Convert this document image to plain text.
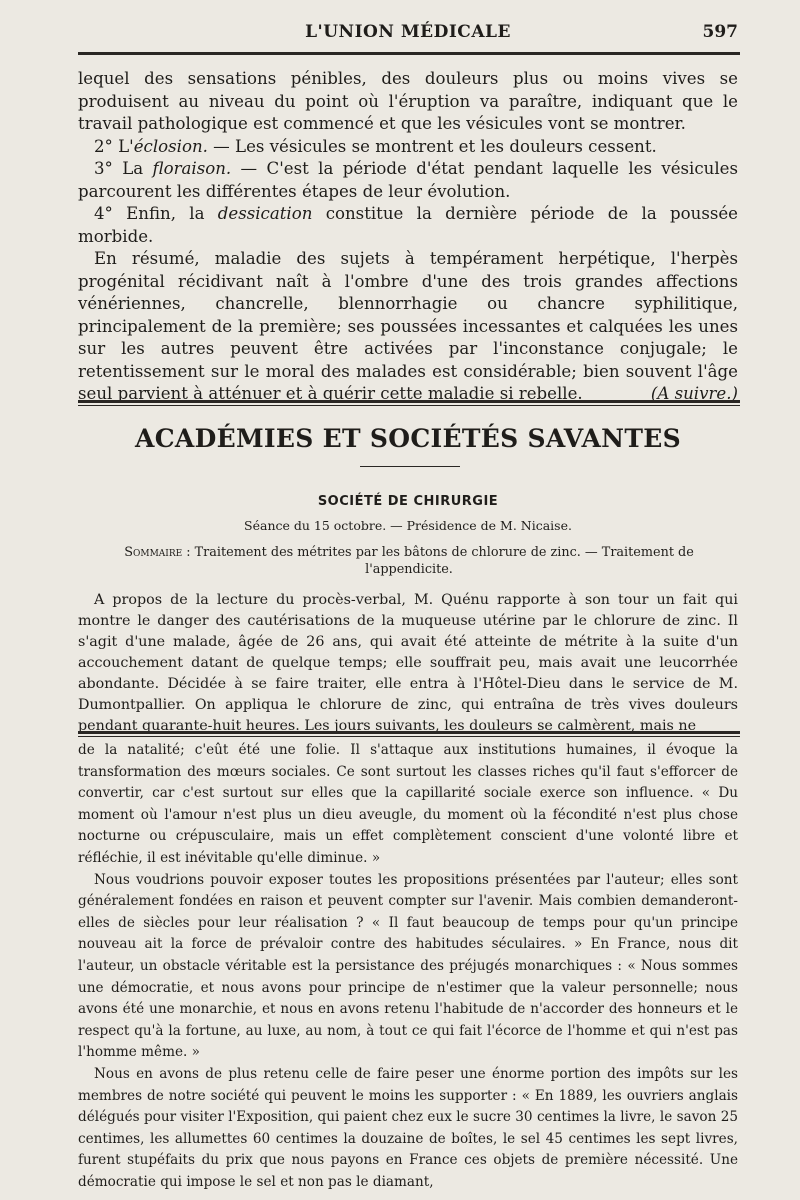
L'UNION MÉDICALE	597

lequel des sensations pénibles, des douleurs plus ou moins vives se produisent au niveau du point où l'éruption va paraître, indiquant que le travail pathologique est commencé et que les vésicules vont se montrer.

2° L'éclosion. — Les vésicules se montrent et les douleurs cessent.

3° La floraison. — C'est la période d'état pendant laquelle les vésicules parcourent les différentes étapes de leur évolution.

4° Enfin, la dessication constitue la dernière période de la poussée morbide.

En résumé, maladie des sujets à tempérament herpétique, l'herpès progénital récidivant naît à l'ombre d'une des trois grandes affections vénériennes, chancrelle, blennorrhagie ou chancre syphilitique, principalement de la première; ses poussées incessantes et calquées les unes sur les autres peuvent être activées par l'inconstance conjugale; le retentissement sur le moral des malades est considérable; bien souvent l'âge seul parvient à atténuer et à guérir cette maladie si rebelle.	(A suivre.)

ACADÉMIES ET SOCIÉTÉS SAVANTES
SOCIÉTÉ DE CHIRURGIE
Séance du 15 octobre. — Présidence de M. Nicaise.
Sommaire : Traitement des métrites par les bâtons de chlorure de zinc. — Traitement de l'appendicite.

A propos de la lecture du procès-verbal, M. Quénu rapporte à son tour un fait qui montre le danger des cautérisations de la muqueuse utérine par le chlorure de zinc. Il s'agit d'une malade, âgée de 26 ans, qui avait été atteinte de métrite à la suite d'un accouchement datant de quelque temps; elle souffrait peu, mais avait une leucorrhée abondante. Décidée à se faire traiter, elle entra à l'Hôtel-Dieu dans le service de M. Dumontpallier. On appliqua le chlorure de zinc, qui entraîna de très vives douleurs pendant quarante-huit heures. Les jours suivants, les douleurs se calmèrent, mais ne

de la natalité; c'eût été une folie. Il s'attaque aux institutions humaines, il évoque la transformation des mœurs sociales. Ce sont surtout les classes riches qu'il faut s'efforcer de convertir, car c'est surtout sur elles que la capillarité sociale exerce son influence. « Du moment où l'amour n'est plus un dieu aveugle, du moment où la fécondité n'est plus chose nocturne ou crépusculaire, mais un effet complètement conscient d'une volonté libre et réfléchie, il est inévitable qu'elle diminue. »

Nous voudrions pouvoir exposer toutes les propositions présentées par l'auteur; elles sont généralement fondées en raison et peuvent compter sur l'avenir. Mais combien demanderont-elles de siècles pour leur réalisation ? « Il faut beaucoup de temps pour qu'un principe nouveau ait la force de prévaloir contre des habitudes séculaires. » En France, nous dit l'auteur, un obstacle véritable est la persistance des préjugés monarchiques : « Nous sommes une démocratie, et nous avons pour principe de n'estimer que la valeur personnelle; nous avons été une monarchie, et nous en avons retenu l'habitude de n'accorder des honneurs et le respect qu'à la fortune, au luxe, au nom, à tout ce qui fait l'écorce de l'homme et qui n'est pas l'homme même. »

Nous en avons de plus retenu celle de faire peser une énorme portion des impôts sur les membres de notre société qui peuvent le moins les supporter : « En 1889, les ouvriers anglais délégués pour visiter l'Exposition, qui paient chez eux le sucre 30 centimes la livre, le savon 25 centimes, les allumettes 60 centimes la douzaine de boîtes, le sel 45 centimes les sept livres, furent stupéfaits du prix que nous payons en France ces objets de première nécessité. Une démocratie qui impose le sel et non pas le diamant,
